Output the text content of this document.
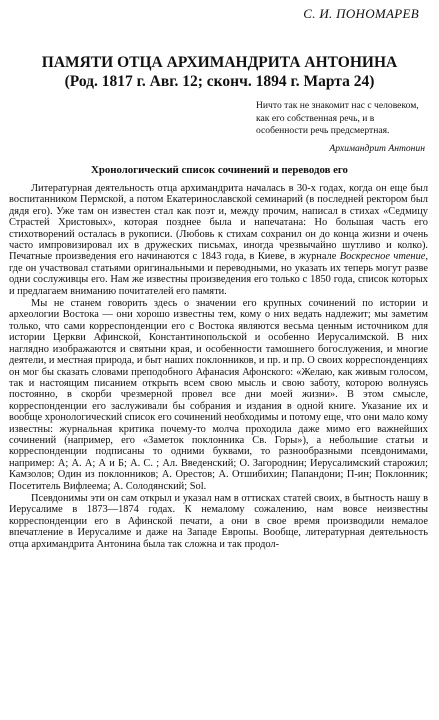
С. И. ПОНОМАРЕВ
ПАМЯТИ ОТЦА АРХИМАНДРИТА АНТОНИНА
(Род. 1817 г. Авг. 12; сконч. 1894 г. Марта 24)
Ничто так не знакомит нас с человеком, как его собственная речь, и в особенности речь предсмертная.
Архимандрит Антонин
Хронологический список сочинений и переводов его

Литературная деятельность отца архимандрита началась в 30-х годах, когда он еще был воспитанником Пермской, а потом Екатеринославской семинарий (в последней ректором был дядя его). Уже там он известен стал как поэт и, между прочим, написал в стихах «Седмицу Страстей Христовых», которая позднее была и напечатана: Но большая часть его стихотворений осталась в рукописи. (Любовь к стихам сохранил он до конца жизни и очень часто импровизировал их в дружеских письмах, иногда чрезвычайно шутливо и колко). Печатные произведения его начинаются с 1843 года, в Киеве, в журнале Воскресное чтение, где он участвовал статьями оригинальными и переводными, но указать их теперь могут разве одни сослуживцы его. Нам же известны произведения его только с 1850 года, список которых и предлагаем вниманию почитателей его памяти.

Мы не станем говорить здесь о значении его крупных сочинений по истории и археологии Востока — они хорошо известны тем, кому о них ведать надлежит; мы заметим только, что сами корреспонденции его с Востока являются весьма ценным источником для истории Церкви Афинской, Константинопольской и особенно Иерусалимской. В них наглядно изображаются и святыни края, и особенности тамошнего богослужения, и многие деятели, и местная природа, и быт наших поклонников, и пр. и пр. О своих корреспонденциях он мог бы сказать словами преподобного Афанасия Афонского: «Желаю, как живым голосом, так и настоящим писанием открыть всем свою мысль и свою заботу, которою волнуясь постоянно, в скорби чрезмерной провел все дни моей жизни». В этом смысле, корреспонденции его заслуживали бы собрания и издания в одной книге. Указание их и вообще хронологический список его сочинений необходимы и потому еще, что они мало кому известны: журнальная критика почему-то молча проходила даже мимо его важнейших сочинений (например, его «Заметок поклонника Св. Горы»), а небольшие статьи и корреспонденции подписаны то одними буквами, то разнообразными псевдонимами, например: А; А. А; А и Б; А. С. ; Ал. Введенский; О. Загороднин; Иерусалимский старожил; Камзолов; Один из поклонников; А. Орестов; А. Отшибихин; Папандони; П-ин; Поклонник; Посетитель Вифлеема; А. Солодянский; Sol.

Псевдонимы эти он сам открыл и указал нам в оттисках статей своих, в бытность нашу в Иерусалиме в 1873—1874 годах. К немалому сожалению, нам вовсе неизвестны корреспонденции его в Афинской печати, а они в свое время производили немалое впечатление в Иерусалиме и даже на Западе Европы. Вообще, литературная деятельность отца архимандрита Антонина была так сложна и так продол-
